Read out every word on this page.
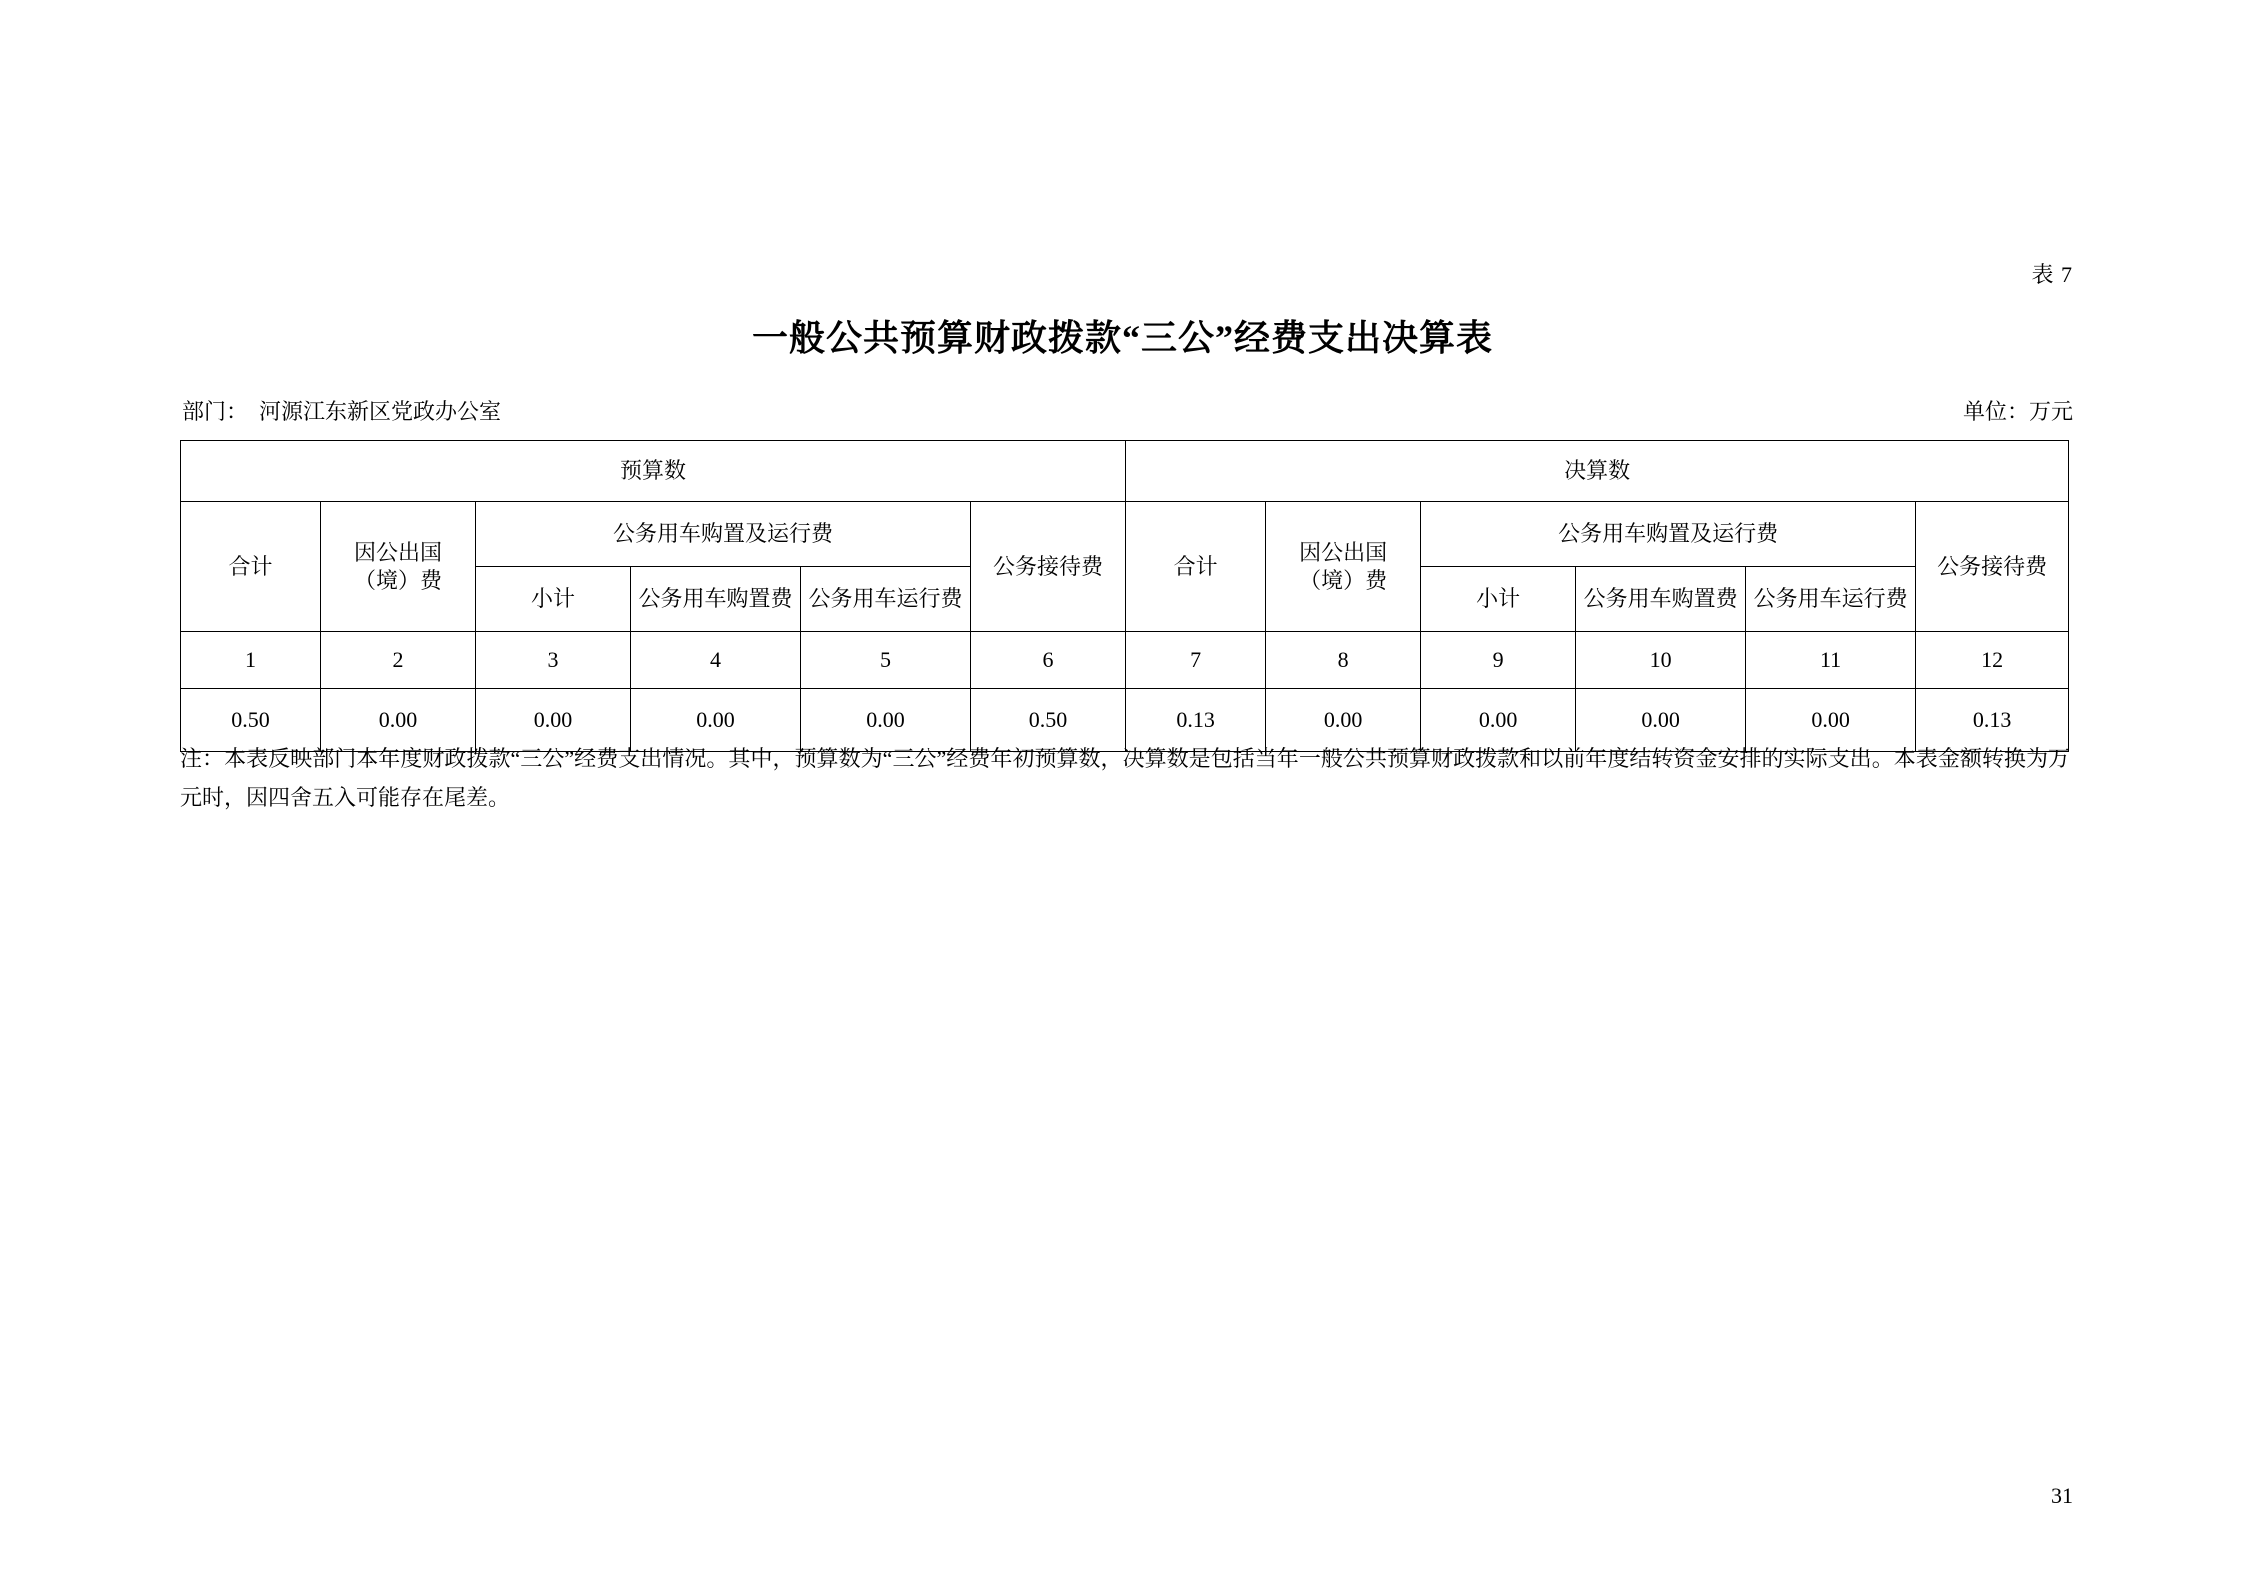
表 7
一般公共预算财政拨款“三公”经费支出决算表
部门： 河源江东新区党政办公室	单位：万元
预算数						决算数					
合计	因公出国（境）费	公务用车购置及运行费			公务接待费	合计	因公出国（境）费	公务用车购置及运行费			公务接待费
		小计	公务用车购置费	公务用车运行费				小计	公务用车购置费	公务用车运行费	
1	2	3	4	5	6	7	8	9	10	11	12
0.50	0.00	0.00	0.00	0.00	0.50	0.13	0.00	0.00	0.00	0.00	0.13

注：本表反映部门本年度财政拨款“三公”经费支出情况。其中，预算数为“三公”经费年初预算数，决算数是包括当年一般公共预算财政拨款和以前年度结转资金安排的实际支出。本表金额转换为万元时，因四舍五入可能存在尾差。

31
